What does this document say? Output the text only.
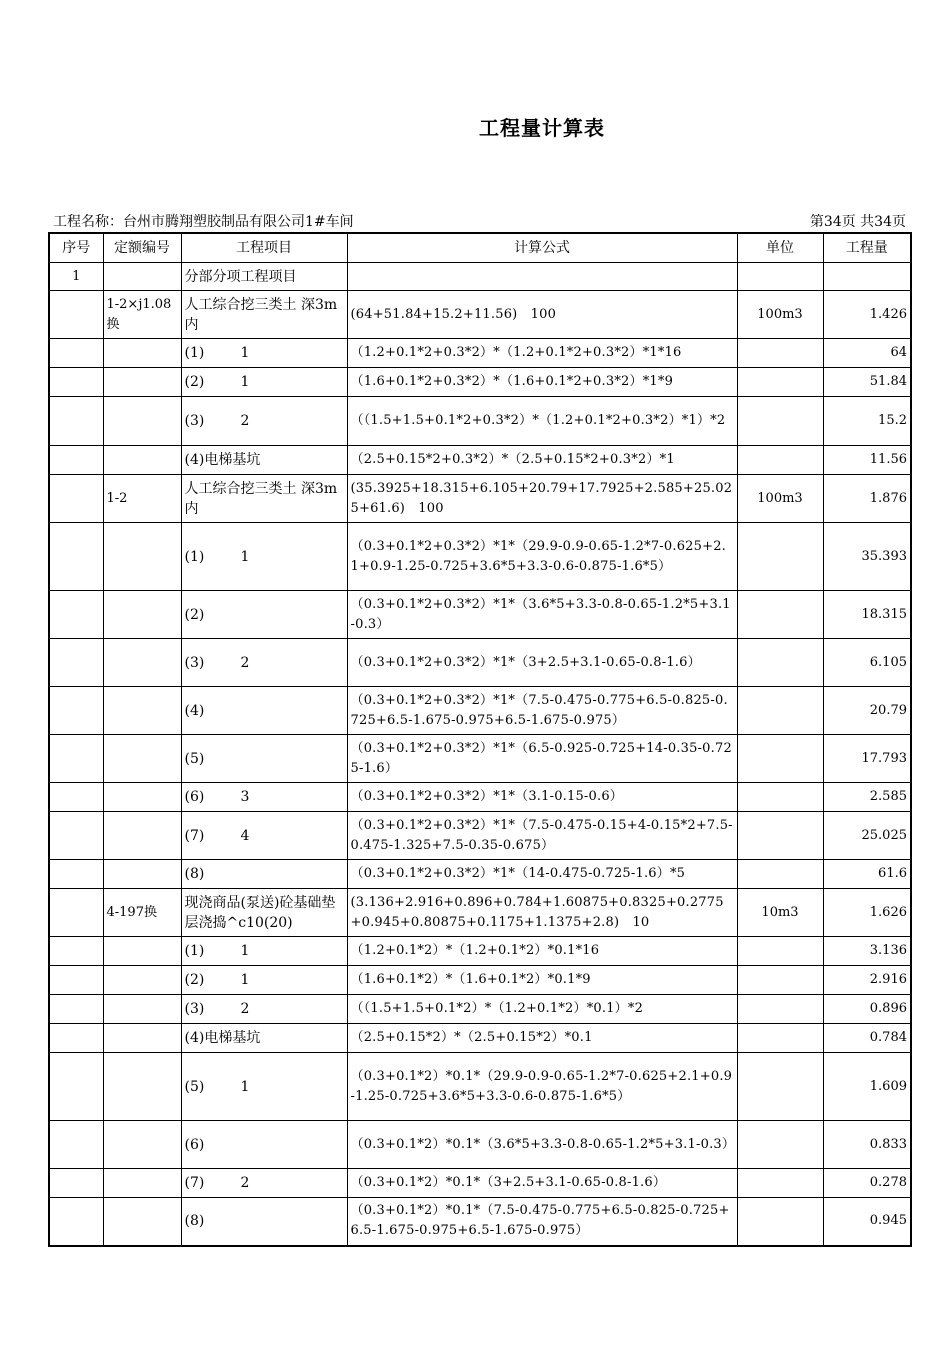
工程量计算表
工程名称：台州市腾翔塑胶制品有限公司1#车间	第34页 共34页
序号	定额编号	工程项目	计算公式	单位	工程量
1		分部分项工程项目			
	1-2×j1.08换	人工综合挖三类土 深3m内	(64+51.84+15.2+11.56)　100	100m3	1.426
		(1) 1	（1.2+0.1*2+0.3*2）*（1.2+0.1*2+0.3*2）*1*16		64
		(2) 1	（1.6+0.1*2+0.3*2）*（1.6+0.1*2+0.3*2）*1*9		51.84
		(3) 2	（（1.5+1.5+0.1*2+0.3*2）*（1.2+0.1*2+0.3*2）*1）*2		15.2
		(4)电梯基坑	（2.5+0.15*2+0.3*2）*（2.5+0.15*2+0.3*2）*1		11.56
	1-2	人工综合挖三类土 深3m内	(35.3925+18.315+6.105+20.79+17.7925+2.585+25.025+61.6)　100	100m3	1.876
		(1) 1	（0.3+0.1*2+0.3*2）*1*（29.9-0.9-0.65-1.2*7-0.625+2.1+0.9-1.25-0.725+3.6*5+3.3-0.6-0.875-1.6*5）		35.393
		(2)	（0.3+0.1*2+0.3*2）*1*（3.6*5+3.3-0.8-0.65-1.2*5+3.1-0.3）		18.315
		(3) 2	（0.3+0.1*2+0.3*2）*1*（3+2.5+3.1-0.65-0.8-1.6）		6.105
		(4)	（0.3+0.1*2+0.3*2）*1*（7.5-0.475-0.775+6.5-0.825-0.725+6.5-1.675-0.975+6.5-1.675-0.975）		20.79
		(5)	（0.3+0.1*2+0.3*2）*1*（6.5-0.925-0.725+14-0.35-0.725-1.6）		17.793
		(6) 3	（0.3+0.1*2+0.3*2）*1*（3.1-0.15-0.6）		2.585
		(7) 4	（0.3+0.1*2+0.3*2）*1*（7.5-0.475-0.15+4-0.15*2+7.5-0.475-1.325+7.5-0.35-0.675）		25.025
		(8)	（0.3+0.1*2+0.3*2）*1*（14-0.475-0.725-1.6）*5		61.6
	4-197换	现浇商品(泵送)砼基础垫层浇捣^c10(20)	(3.136+2.916+0.896+0.784+1.60875+0.8325+0.2775+0.945+0.80875+0.1175+1.1375+2.8)　10	10m3	1.626
		(1) 1	（1.2+0.1*2）*（1.2+0.1*2）*0.1*16		3.136
		(2) 1	（1.6+0.1*2）*（1.6+0.1*2）*0.1*9		2.916
		(3) 2	（（1.5+1.5+0.1*2）*（1.2+0.1*2）*0.1）*2		0.896
		(4)电梯基坑	（2.5+0.15*2）*（2.5+0.15*2）*0.1		0.784
		(5) 1	（0.3+0.1*2）*0.1*（29.9-0.9-0.65-1.2*7-0.625+2.1+0.9-1.25-0.725+3.6*5+3.3-0.6-0.875-1.6*5）		1.609
		(6)	（0.3+0.1*2）*0.1*（3.6*5+3.3-0.8-0.65-1.2*5+3.1-0.3）		0.833
		(7) 2	（0.3+0.1*2）*0.1*（3+2.5+3.1-0.65-0.8-1.6）		0.278
		(8)	（0.3+0.1*2）*0.1*（7.5-0.475-0.775+6.5-0.825-0.725+6.5-1.675-0.975+6.5-1.675-0.975）		0.945
